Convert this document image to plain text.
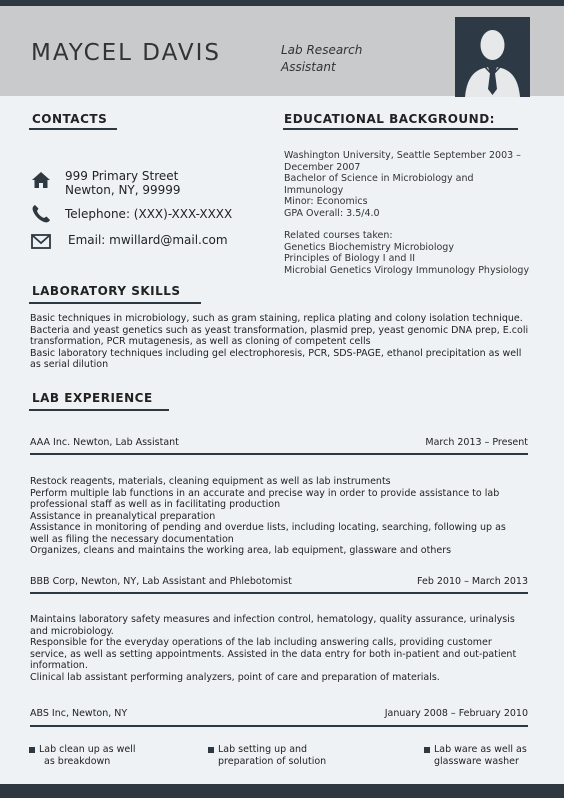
MAYCEL DAVIS	Lab Research
Assistant
CONTACTS
999 Primary Street
Newton, NY, 99999
Telephone: (XXX)-XXX-XXXX
Email: mwillard@mail.com
EDUCATIONAL BACKGROUND:
Washington University, Seattle September 2003 –
December 2007
Bachelor of Science in Microbiology and
Immunology
Minor: Economics
GPA Overall: 3.5/4.0
Related courses taken:
Genetics Biochemistry Microbiology
Principles of Biology I and II
Microbial Genetics Virology Immunology Physiology
LABORATORY SKILLS
Basic techniques in microbiology, such as gram staining, replica plating and colony isolation technique.
Bacteria and yeast genetics such as yeast transformation, plasmid prep, yeast genomic DNA prep, E.coli
transformation, PCR mutagenesis, as well as cloning of competent cells
Basic laboratory techniques including gel electrophoresis, PCR, SDS-PAGE, ethanol precipitation as well
as serial dilution
LAB EXPERIENCE
AAA Inc. Newton, Lab Assistant	March 2013 – Present
Restock reagents, materials, cleaning equipment as well as lab instruments
Perform multiple lab functions in an accurate and precise way in order to provide assistance to lab
professional staff as well as in facilitating production
Assistance in preanalytical preparation
Assistance in monitoring of pending and overdue lists, including locating, searching, following up as
well as filing the necessary documentation
Organizes, cleans and maintains the working area, lab equipment, glassware and others
BBB Corp, Newton, NY, Lab Assistant and Phlebotomist	Feb 2010 – March 2013
Maintains laboratory safety measures and infection control, hematology, quality assurance, urinalysis
and microbiology.
Responsible for the everyday operations of the lab including answering calls, providing customer
service, as well as setting appointments. Assisted in the data entry for both in-patient and out-patient
information.
Clinical lab assistant performing analyzers, point of care and preparation of materials.
ABS Inc, Newton, NY	January 2008 – February 2010
Lab clean up as well
as breakdown
Lab setting up and
preparation of solution
Lab ware as well as
glassware washer
